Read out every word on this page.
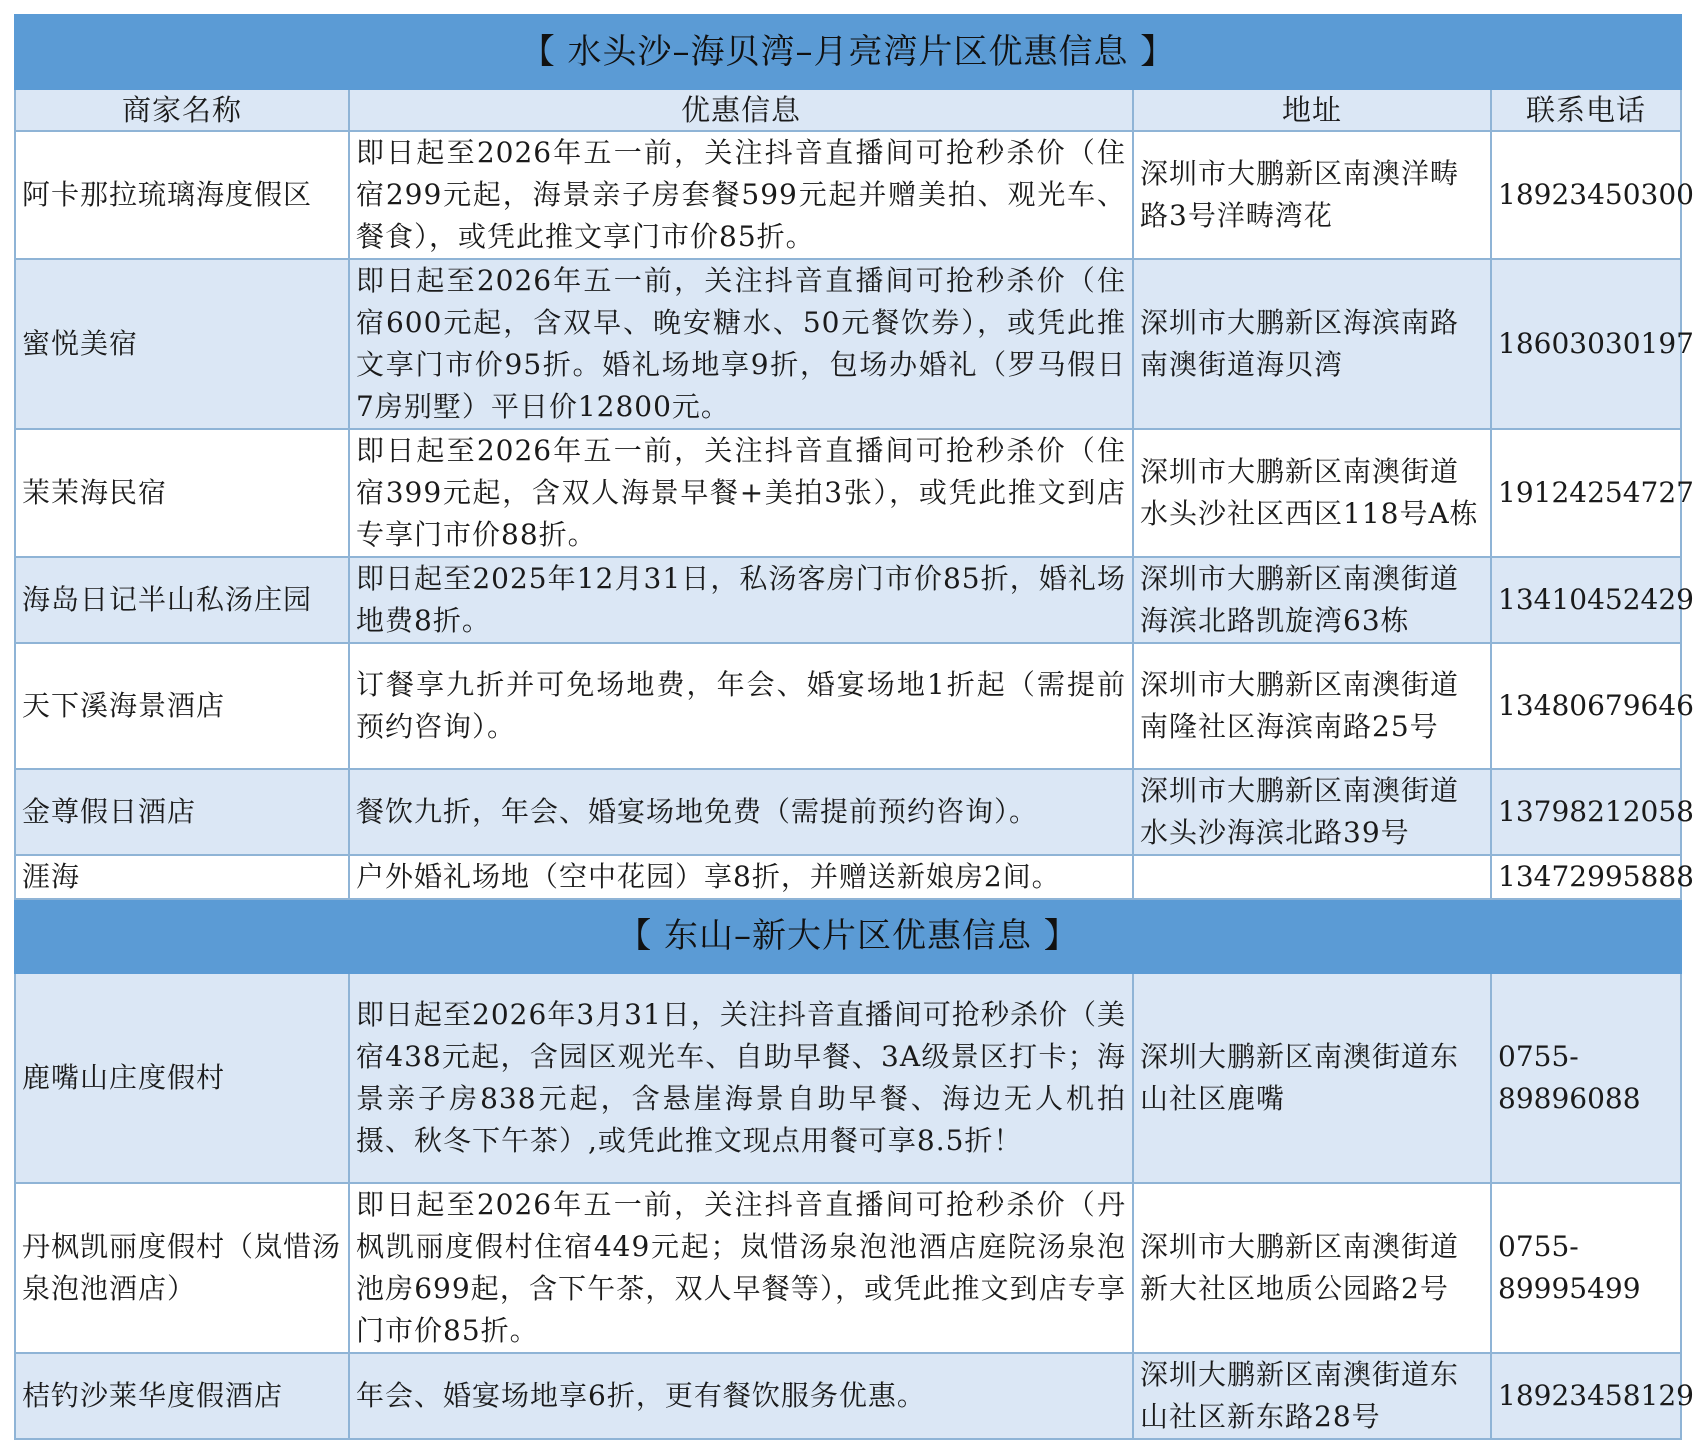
【 水头沙–海贝湾–月亮湾片区优惠信息 】			
商家名称	优惠信息	地址	联系电话
阿卡那拉琉璃海度假区	即日起至2026年五一前，关注抖音直播间可抢秒杀价（住宿299元起，海景亲子房套餐599元起并赠美拍、观光车、餐食），或凭此推文享门市价85折。	深圳市大鹏新区南澳洋畴路3号洋畴湾花	18923450300
蜜悦美宿	即日起至2026年五一前，关注抖音直播间可抢秒杀价（住宿600元起，含双早、晚安糖水、50元餐饮券），或凭此推文享门市价95折。婚礼场地享9折，包场办婚礼（罗马假日7房别墅）平日价12800元。	深圳市大鹏新区海滨南路南澳街道海贝湾	18603030197
茉茉海民宿	即日起至2026年五一前，关注抖音直播间可抢秒杀价（住宿399元起，含双人海景早餐+美拍3张），或凭此推文到店专享门市价88折。	深圳市大鹏新区南澳街道水头沙社区西区118号A栋	19124254727
海岛日记半山私汤庄园	即日起至2025年12月31日，私汤客房门市价85折，婚礼场地费8折。	深圳市大鹏新区南澳街道海滨北路凯旋湾63栋	13410452429
天下溪海景酒店	订餐享九折并可免场地费，年会、婚宴场地1折起（需提前预约咨询）。	深圳市大鹏新区南澳街道南隆社区海滨南路25号	13480679646
金尊假日酒店	餐饮九折，年会、婚宴场地免费（需提前预约咨询）。	深圳市大鹏新区南澳街道水头沙海滨北路39号	13798212058
涯海	户外婚礼场地（空中花园）享8折，并赠送新娘房2间。		13472995888
【 东山–新大片区优惠信息 】			
鹿嘴山庄度假村	即日起至2026年3月31日，关注抖音直播间可抢秒杀价（美宿438元起，含园区观光车、自助早餐、3A级景区打卡；海景亲子房838元起，含悬崖海景自助早餐、海边无人机拍摄、秋冬下午茶）,或凭此推文现点用餐可享8.5折！	深圳大鹏新区南澳街道东山社区鹿嘴	0755-89896088
丹枫凯丽度假村（岚惜汤泉泡池酒店）	即日起至2026年五一前，关注抖音直播间可抢秒杀价（丹枫凯丽度假村住宿449元起；岚惜汤泉泡池酒店庭院汤泉泡池房699起，含下午茶，双人早餐等），或凭此推文到店专享门市价85折。	深圳市大鹏新区南澳街道新大社区地质公园路2号	0755-89995499
桔钓沙莱华度假酒店	年会、婚宴场地享6折，更有餐饮服务优惠。	深圳大鹏新区南澳街道东山社区新东路28号	18923458129
